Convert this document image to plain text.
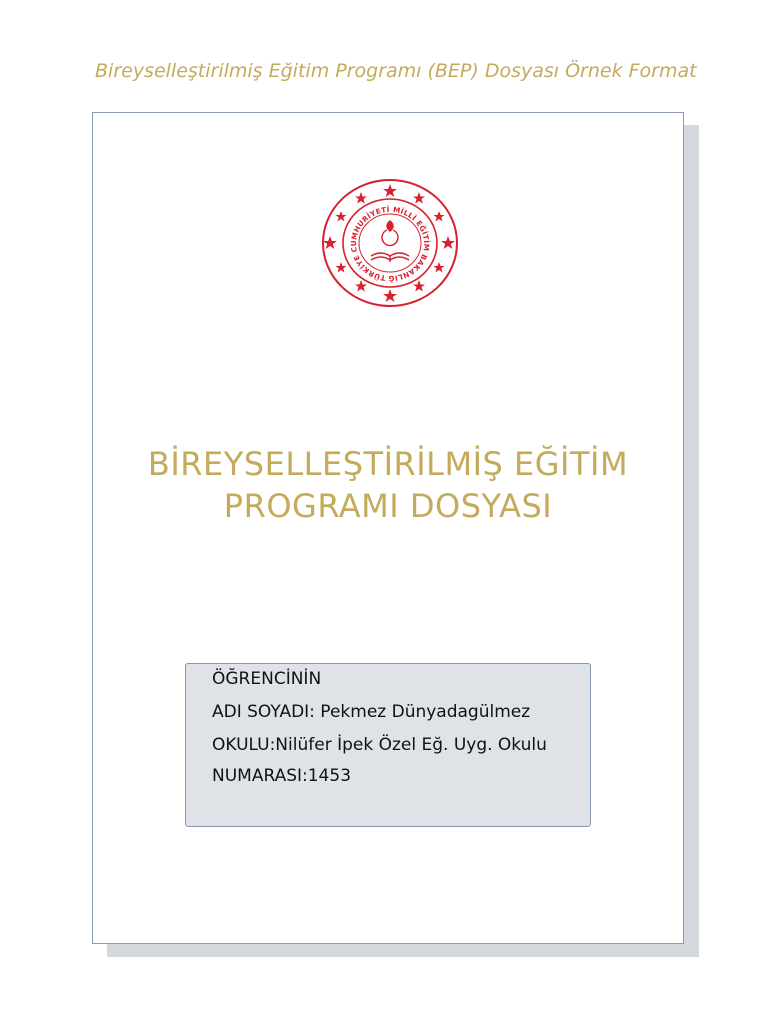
Bireyselleştirilmiş Eğitim Programı (BEP) Dosyası Örnek Format
TÜRKİYE CUMHURİYETİ MİLLÎ EĞİTİM BAKANLIĞ
BİREYSELLEŞTİRİLMİŞ EĞİTİM
PROGRAMI DOSYASI

ÖĞRENCİNİN

ADI SOYADI: Pekmez Dünyadagülmez

OKULU:Nilüfer İpek Özel Eğ. Uyg. Okulu

NUMARASI:1453
